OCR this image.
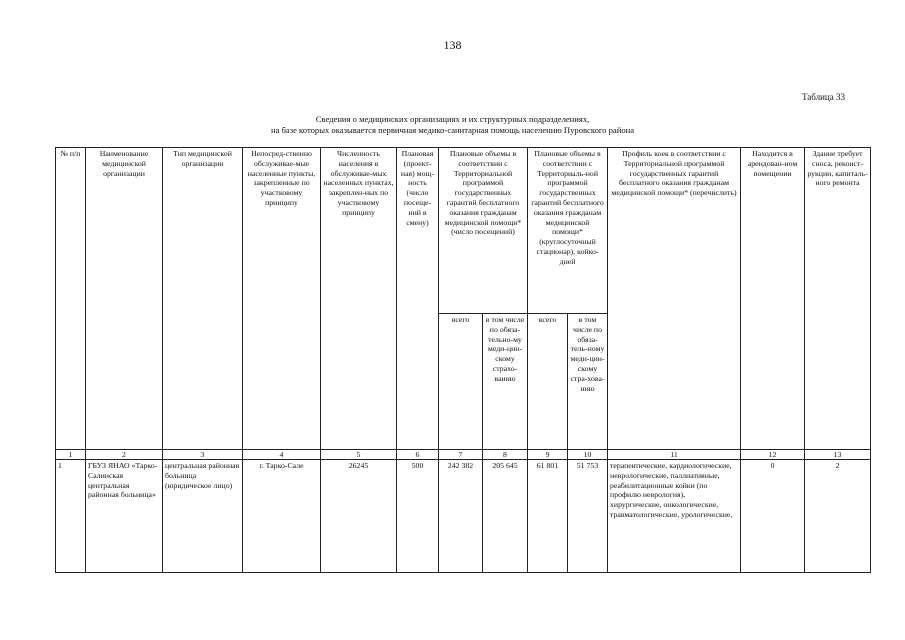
138
Таблица 33
Сведения о медицинских организациях и их структурных подразделениях,
на базе которых оказывается первичная медико-санитарная помощь населению Пуровского района
№ п/п	Наименование медицинской организации	Тип медицинской организации	Непосред-ственно обслуживае-мые населенные пункты, закрепленные по участковому принципу	Численность населения в обслуживае-мых населенных пунктах, закреплен-ных по участковому принципу	Плановая (проект-ная) мощ-ность (число посеще-ний в смену)	Плановые объемы в соответствии с Территориальной программой государственных гарантий бесплатного оказания гражданам медицинской помощи* (число посещений)		Плановые объемы в соответствии с Территориаль-ной программой государственных гарантий бесплатного оказания гражданам медицинской помощи* (круглосуточный стационар), койко-дней		Профиль коек в соответствии с Территориальной программой государственных гарантий бесплатного оказания гражданам медицинской помощи* (перечислить)	Находится в арендован-ном помещении	Здание требует сноса, реконст-рукции, капиталь-ного ремонта
						всего	в том числе по обяза-тельно-му меди-цин-скому страхо-ванию	всего	в том числе по обяза-тель-ному меди-цин-скому стра-хова-нию			
1	2	3	4	5	6	7	8	9	10	11	12	13
1	ГБУЗ ЯНАО «Тарко-Салинская центральная районная больница»	центральная районная больница (юридическое лицо)	г. Тарко-Сале	26245	500	242 382	205 645	61 801	51 753	терапевтические, кардиологические, неврологические, паллиативные, реабилитационные койки (по профилю неврология), хирургические, онкологические, травматологические, урологические,	0	2
